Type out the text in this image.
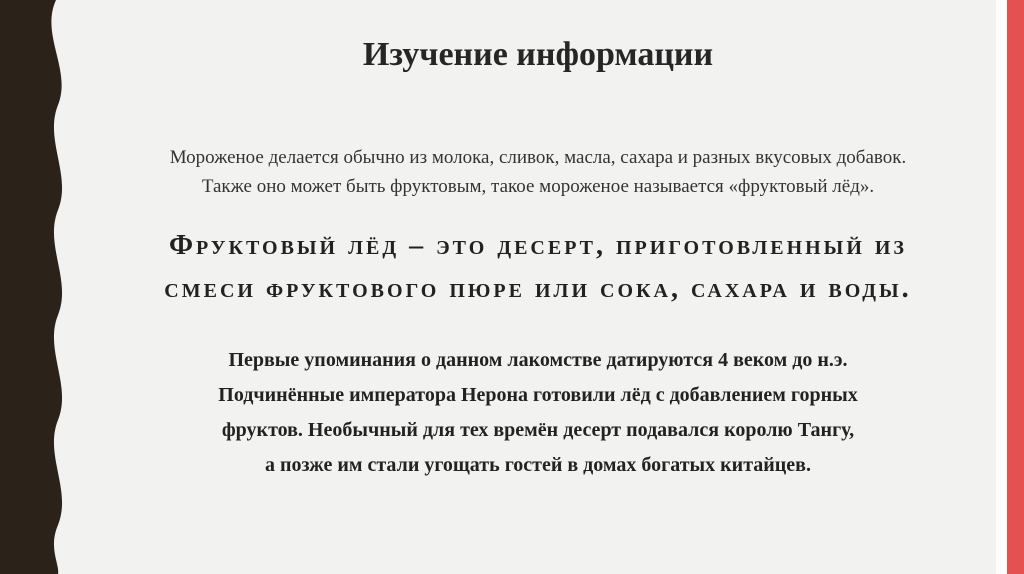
Изучение информации
Мороженое делается обычно из молока, сливок, масла, сахара и разных вкусовых добавок.
Также оно может быть фруктовым, такое мороженое называется «фруктовый лёд».
Фруктовый лёд – это десерт, приготовленный из
смеси фруктового пюре или сока, сахара и воды.
Первые упоминания о данном лакомстве датируются 4 веком до н.э.
Подчинённые императора Нерона готовили лёд с добавлением горных
фруктов. Необычный для тех времён десерт подавался королю Тангу,
а позже им стали угощать гостей в домах богатых китайцев.
